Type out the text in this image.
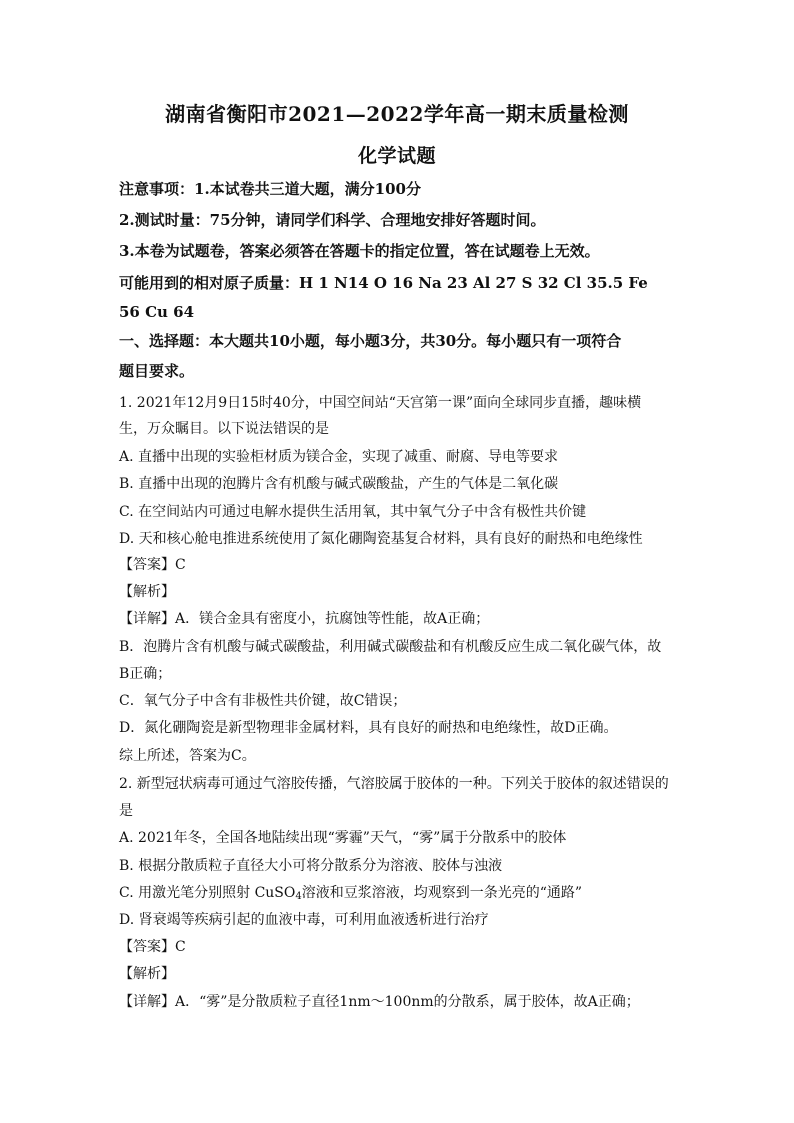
湖南省衡阳市2021—2022学年高一期末质量检测
化学试题
注意事项：1.本试卷共三道大题，满分100分
2.测试时量：75分钟，请同学们科学、合理地安排好答题时间。
3.本卷为试题卷，答案必须答在答题卡的指定位置，答在试题卷上无效。
可能用到的相对原子质量：H 1 N14 O 16 Na 23 Al 27 S 32 Cl 35.5 Fe
56 Cu 64
一、选择题：本大题共10小题，每小题3分，共30分。每小题只有一项符合
题目要求。
1. 2021年12月9日15时40分，中国空间站“天宫第一课”面向全球同步直播，趣味横
生，万众瞩目。以下说法错误的是
A. 直播中出现的实验柜材质为镁合金，实现了减重、耐腐、导电等要求
B. 直播中出现的泡腾片含有机酸与碱式碳酸盐，产生的气体是二氧化碳
C. 在空间站内可通过电解水提供生活用氧，其中氧气分子中含有极性共价键
D. 天和核心舱电推进系统使用了氮化硼陶瓷基复合材料，具有良好的耐热和电绝缘性
【答案】C
【解析】
【详解】A．镁合金具有密度小，抗腐蚀等性能，故A正确；
B．泡腾片含有机酸与碱式碳酸盐，利用碱式碳酸盐和有机酸反应生成二氧化碳气体，故
B正确；
C．氧气分子中含有非极性共价键，故C错误；
D．氮化硼陶瓷是新型物理非金属材料，具有良好的耐热和电绝缘性，故D正确。
综上所述，答案为C。
2. 新型冠状病毒可通过气溶胶传播，气溶胶属于胶体的一种。下列关于胶体的叙述错误的
是
A. 2021年冬，全国各地陆续出现“雾霾”天气，“雾”属于分散系中的胶体
B. 根据分散质粒子直径大小可将分散系分为溶液、胶体与浊液
C. 用激光笔分别照射 CuSO$_4$溶液和豆浆溶液，均观察到一条光亮的“通路”
D. 肾衰竭等疾病引起的血液中毒，可利用血液透析进行治疗
【答案】C
【解析】
【详解】A．“雾”是分散质粒子直径1nm～100nm的分散系，属于胶体，故A正确；
